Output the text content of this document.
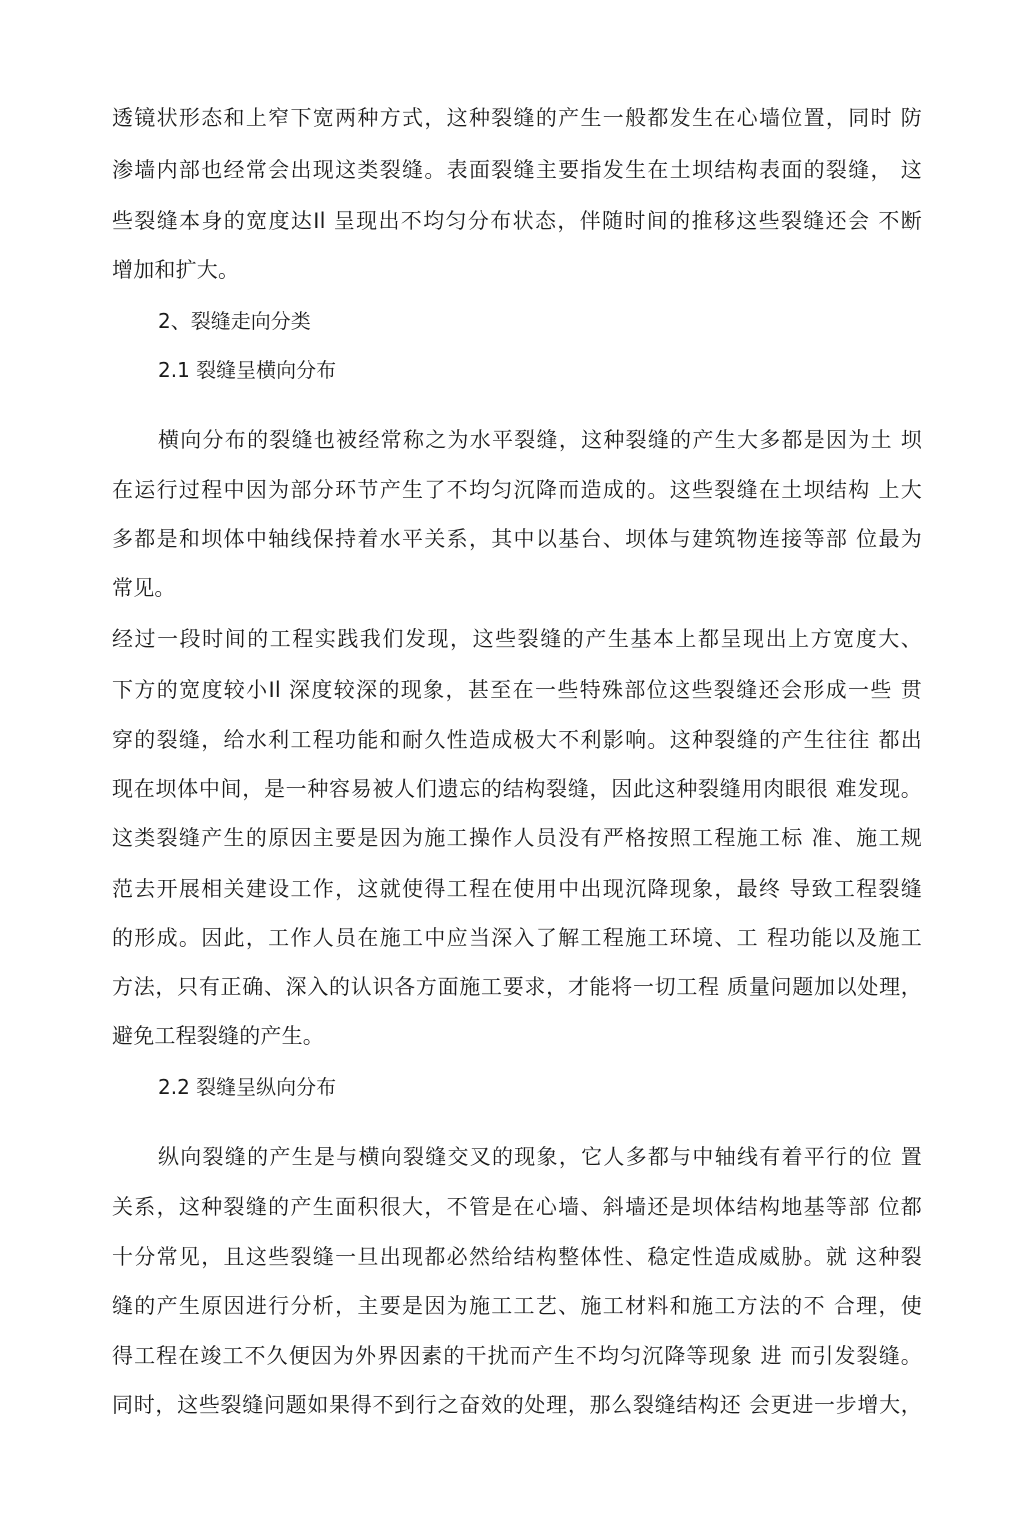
透镜状形态和上窄下宽两种方式，这种裂缝的产生一般都发生在心墙位置，同时 防
渗墙内部也经常会出现这类裂缝。表面裂缝主要指发生在土坝结构表面的裂缝， 这
些裂缝本身的宽度达Il 呈现出不均匀分布状态，伴随时间的推移这些裂缝还会 不断
增加和扩大。
2、裂缝走向分类
2.1 裂缝呈横向分布
横向分布的裂缝也被经常称之为水平裂缝，这种裂缝的产生大多都是因为土 坝
在运行过程中因为部分环节产生了不均匀沉降而造成的。这些裂缝在土坝结构 上大
多都是和坝体中轴线保持着水平关系，其中以基台、坝体与建筑物连接等部 位最为
常见。
经过一段时间的工程实践我们发现，这些裂缝的产生基本上都呈现出上方宽度大、
下方的宽度较小Il 深度较深的现象，甚至在一些特殊部位这些裂缝还会形成一些 贯
穿的裂缝，给水利工程功能和耐久性造成极大不利影响。这种裂缝的产生往往 都出
现在坝体中间，是一种容易被人们遗忘的结构裂缝，因此这种裂缝用肉眼很 难发现。
这类裂缝产生的原因主要是因为施工操作人员没有严格按照工程施工标 准、施工规
范去开展相关建设工作，这就使得工程在使用中出现沉降现象，最终 导致工程裂缝
的形成。因此，工作人员在施工中应当深入了解工程施工环境、工 程功能以及施工
方法，只有正确、深入的认识各方面施工要求，才能将一切工程 质量问题加以处理，
避免工程裂缝的产生。
2.2 裂缝呈纵向分布
纵向裂缝的产生是与横向裂缝交叉的现象，它人多都与中轴线有着平行的位 置
关系，这种裂缝的产生面积很大，不管是在心墙、斜墙还是坝体结构地基等部 位都
十分常见，且这些裂缝一旦出现都必然给结构整体性、稳定性造成威胁。就 这种裂
缝的产生原因进行分析，主要是因为施工工艺、施工材料和施工方法的不 合理，使
得工程在竣工不久便因为外界因素的干扰而产生不均匀沉降等现象 进 而引发裂缝。
同时，这些裂缝问题如果得不到行之奋效的处理，那么裂缝结构还 会更进一步增大，
